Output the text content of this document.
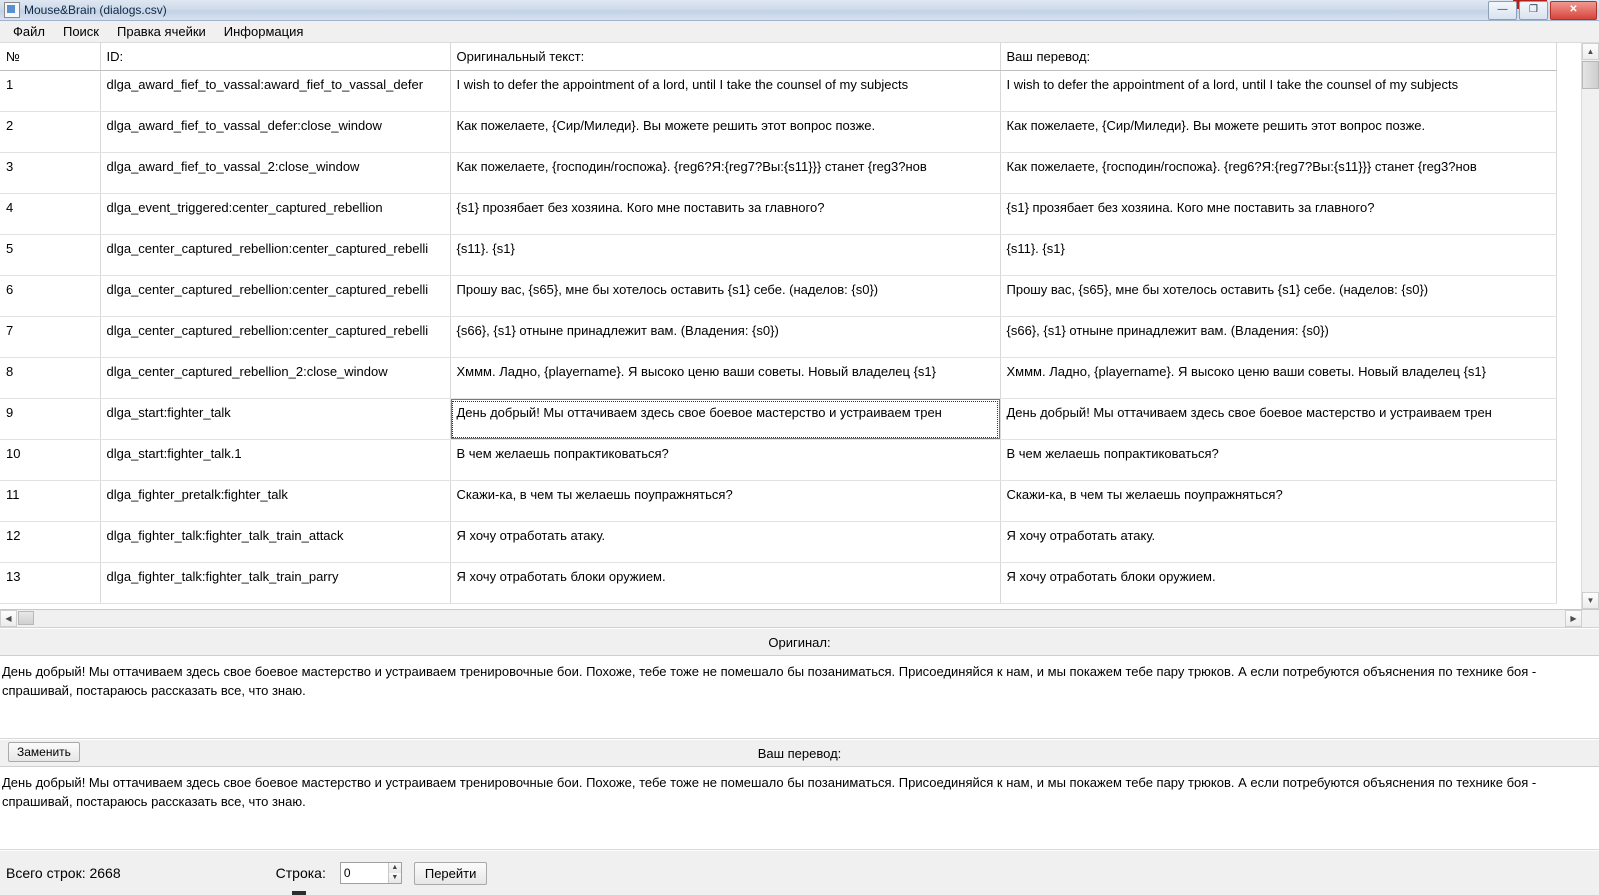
Mouse&Brain (dialogs.csv)	—	❐	✕
Файл	Поиск	Правка ячейки	Информация
№	ID:	Оригинальный текст:	Ваш перевод:
1	dlga_award_fief_to_vassal:award_fief_to_vassal_defer	I wish to defer the appointment of a lord, until I take the counsel of my subjects	I wish to defer the appointment of a lord, until I take the counsel of my subjects
2	dlga_award_fief_to_vassal_defer:close_window	Как пожелаете, {Сир/Миледи}. Вы можете решить этот вопрос позже.	Как пожелаете, {Сир/Миледи}. Вы можете решить этот вопрос позже.
3	dlga_award_fief_to_vassal_2:close_window	Как пожелаете, {господин/госпожа}. {reg6?Я:{reg7?Вы:{s11}}} станет {reg3?нов	Как пожелаете, {господин/госпожа}. {reg6?Я:{reg7?Вы:{s11}}} станет {reg3?нов
4	dlga_event_triggered:center_captured_rebellion	{s1} прозябает без хозяина. Кого мне поставить за главного?	{s1} прозябает без хозяина. Кого мне поставить за главного?
5	dlga_center_captured_rebellion:center_captured_rebelli	{s11}. {s1}	{s11}. {s1}
6	dlga_center_captured_rebellion:center_captured_rebelli	Прошу вас, {s65}, мне бы хотелось оставить {s1} себе. (наделов: {s0})	Прошу вас, {s65}, мне бы хотелось оставить {s1} себе. (наделов: {s0})
7	dlga_center_captured_rebellion:center_captured_rebelli	{s66}, {s1} отныне принадлежит вам. (Владения: {s0})	{s66}, {s1} отныне принадлежит вам. (Владения: {s0})
8	dlga_center_captured_rebellion_2:close_window	Хммм. Ладно, {playername}. Я высоко ценю ваши советы. Новый владелец {s1}	Хммм. Ладно, {playername}. Я высоко ценю ваши советы. Новый владелец {s1}
9	dlga_start:fighter_talk	День добрый! Мы оттачиваем здесь свое боевое мастерство и устраиваем трен	День добрый! Мы оттачиваем здесь свое боевое мастерство и устраиваем трен
10	dlga_start:fighter_talk.1	В чем желаешь попрактиковаться?	В чем желаешь попрактиковаться?
11	dlga_fighter_pretalk:fighter_talk	Скажи-ка, в чем ты желаешь поупражняться?	Скажи-ка, в чем ты желаешь поупражняться?
12	dlga_fighter_talk:fighter_talk_train_attack	Я хочу отработать атаку.	Я хочу отработать атаку.
13	dlga_fighter_talk:fighter_talk_train_parry	Я хочу отработать блоки оружием.	Я хочу отработать блоки оружием.
▲
▼
◀	▶
Оригинал:
День добрый! Мы оттачиваем здесь свое боевое мастерство и устраиваем тренировочные бои. Похоже, тебе тоже не помешало бы позаниматься. Присоединяйся к нам, и мы покажем тебе пару трюков. А если потребуются объяснения по технике боя - спрашивай, постараюсь рассказать все, что знаю.
Заменить	Ваш перевод:
День добрый! Мы оттачиваем здесь свое боевое мастерство и устраиваем тренировочные бои. Похоже, тебе тоже не помешало бы позаниматься. Присоединяйся к нам, и мы покажем тебе пару трюков. А если потребуются объяснения по технике боя - спрашивай, постараюсь рассказать все, что знаю.
Всего строк: 2668	Строка:
0	▲
▼	Перейти
